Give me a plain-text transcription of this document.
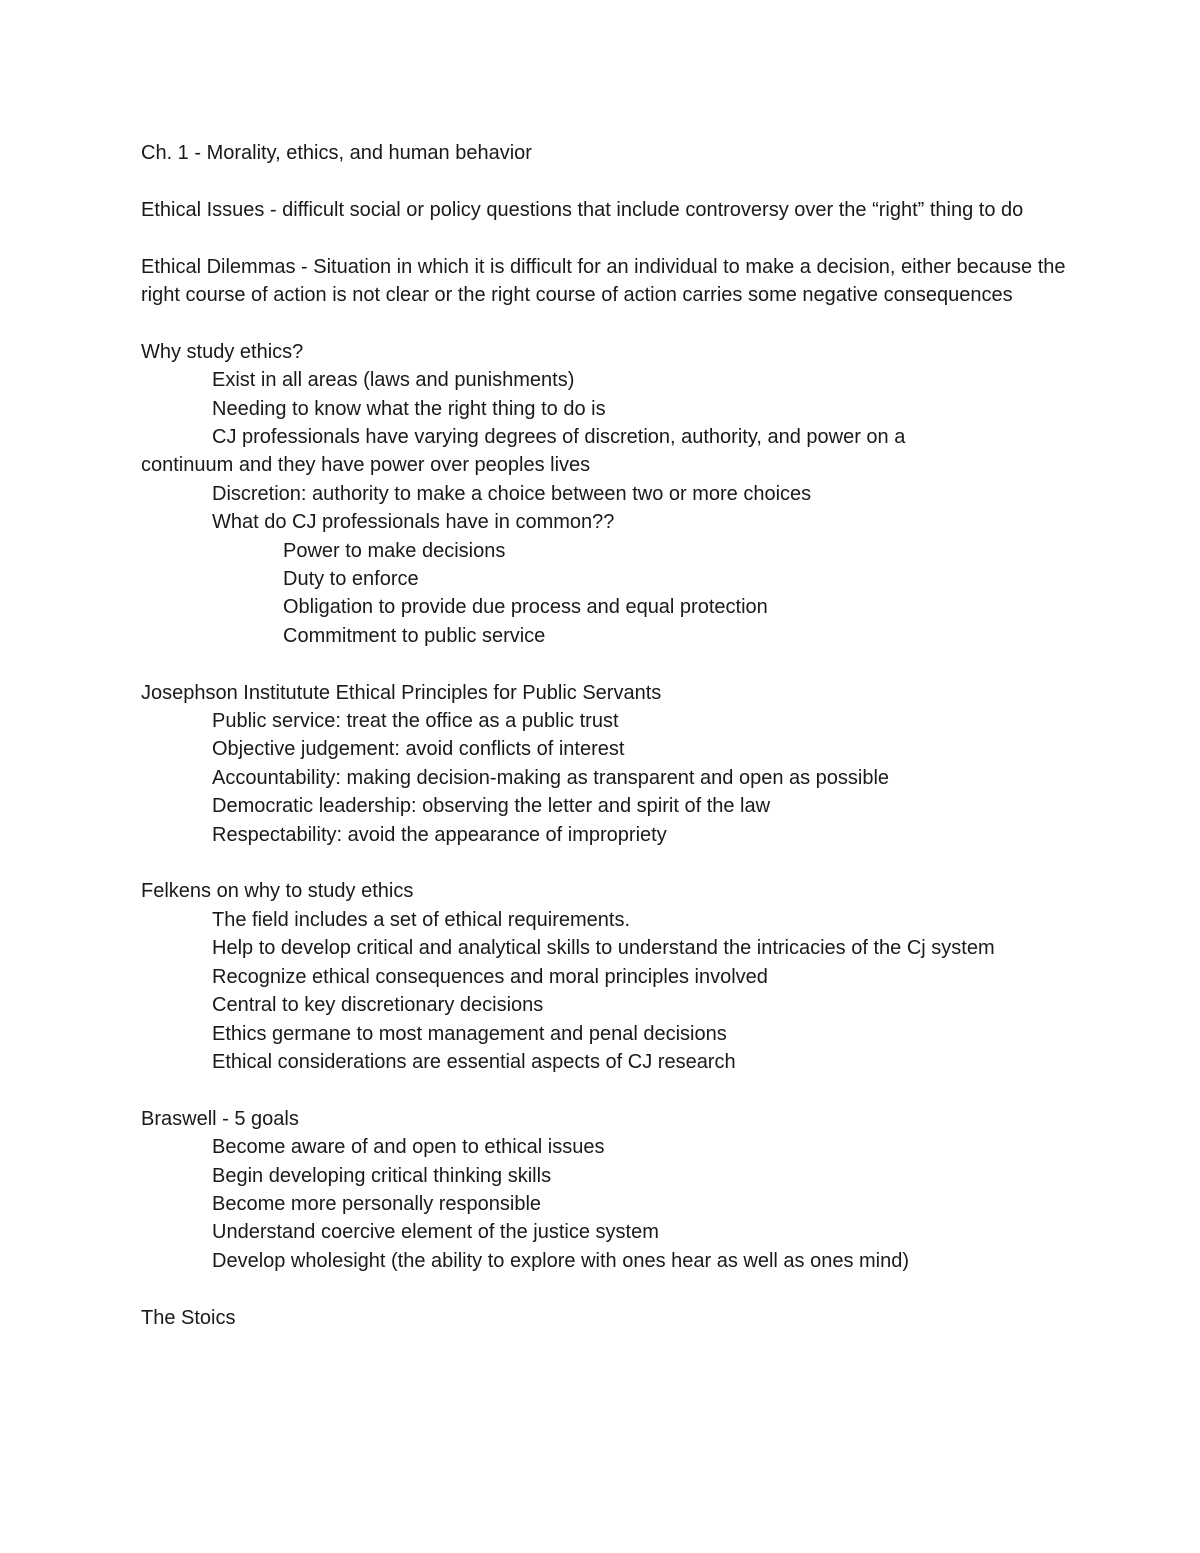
Ch. 1 - Morality, ethics, and human behavior

Ethical Issues - difficult social or policy questions that include controversy over the “right” thing to do

Ethical Dilemmas - Situation in which it is difficult for an individual to make a decision, either because the right course of action is not clear or the right course of action carries some negative consequences

Why study ethics?

Exist in all areas (laws and punishments)

Needing to know what the right thing to do is

CJ professionals have varying degrees of discretion, authority, and power on a

continuum and they have power over peoples lives

Discretion: authority to make a choice between two or more choices

What do CJ professionals have in common??

Power to make decisions

Duty to enforce

Obligation to provide due process and equal protection

Commitment to public service

Josephson Institutute Ethical Principles for Public Servants

Public service: treat the office as a public trust

Objective judgement: avoid conflicts of interest

Accountability: making decision-making as transparent and open as possible

Democratic leadership: observing the letter and spirit of the law

Respectability: avoid the appearance of impropriety

Felkens on why to study ethics

The field includes a set of ethical requirements.

Help to develop critical and analytical skills to understand the intricacies of the Cj system

Recognize ethical consequences and moral principles involved

Central to key discretionary decisions

Ethics germane to most management and penal decisions

Ethical considerations are essential aspects of CJ research

Braswell - 5 goals

Become aware of and open to ethical issues

Begin developing critical thinking skills

Become more personally responsible

Understand coercive element of the justice system

Develop wholesight (the ability to explore with ones hear as well as ones mind)

The Stoics
